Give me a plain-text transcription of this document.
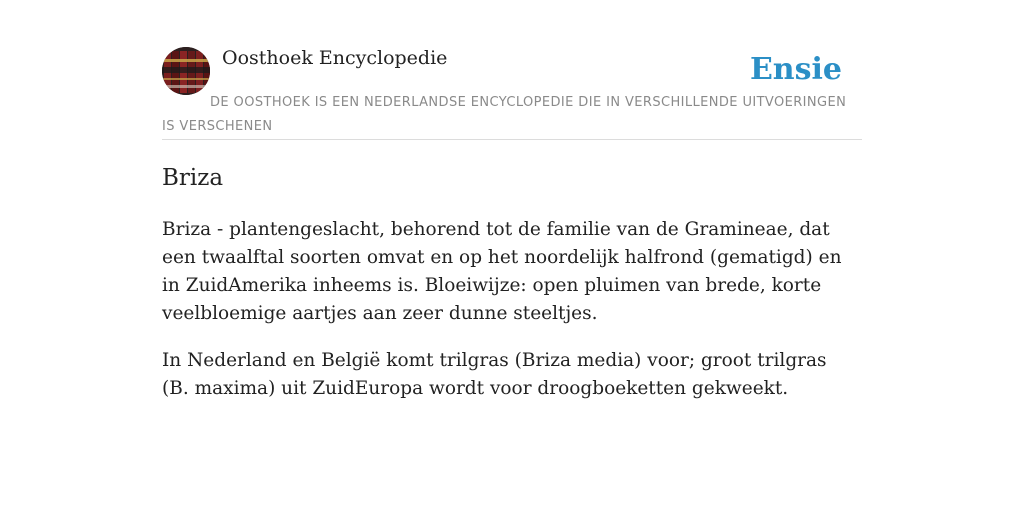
Oosthoek Encyclopedie	Ensie
DE OOSTHOEK IS EEN NEDERLANDSE ENCYCLOPEDIE DIE IN VERSCHILLENDE UITVOERINGEN IS VERSCHENEN
Briza

Briza - plantengeslacht, behorend tot de familie van de Gramineae, dat een twaalftal soorten omvat en op het noordelijk halfrond (gematigd) en in ZuidAmerika inheems is. Bloeiwijze: open pluimen van brede, korte veelbloemige aartjes aan zeer dunne steeltjes.

In Nederland en België komt trilgras (Briza media) voor; groot trilgras (B. maxima) uit ZuidEuropa wordt voor droogboeketten gekweekt.
